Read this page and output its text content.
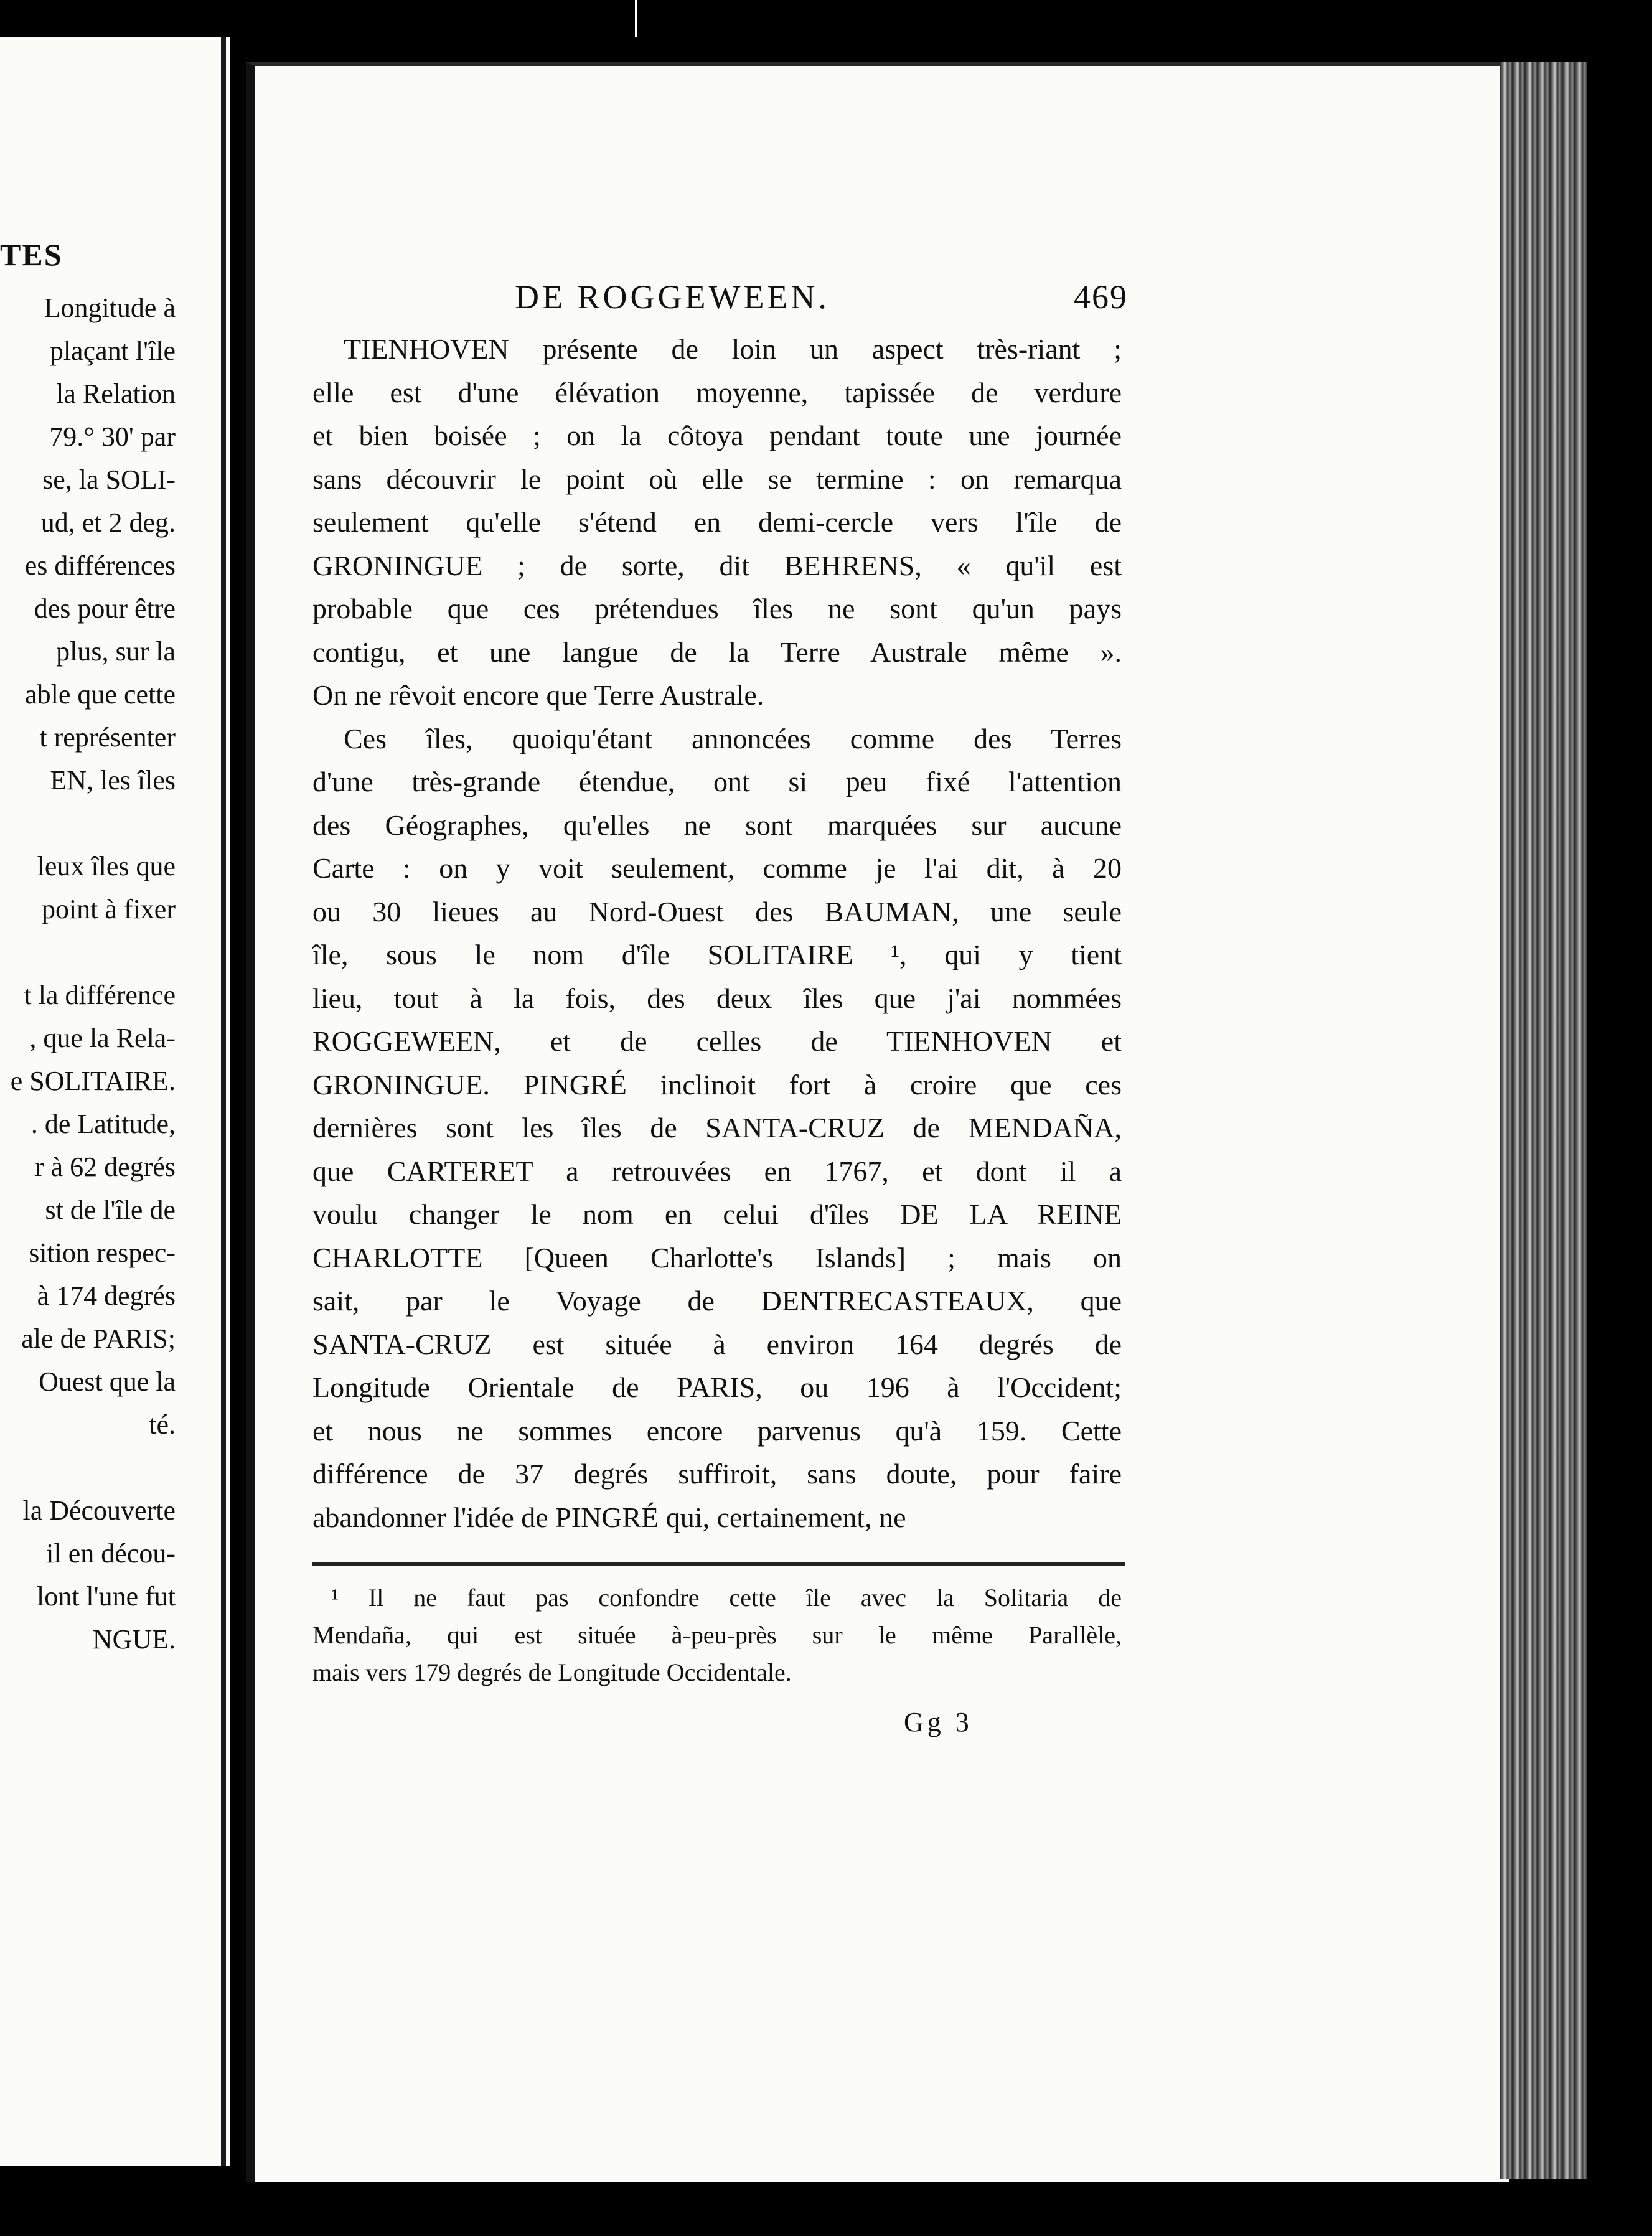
TES
Longitude à
plaçant l'île
la Relation
79.° 30' par
se, la SOLI-
ud, et 2 deg.
es différences
des pour être
plus, sur la
able que cette
t représenter
EN, les îles
leux îles que
point à fixer
t la différence
, que la Rela-
e SOLITAIRE.
. de Latitude,
r à 62 degrés
st de l'île de
sition respec-
à 174 degrés
ale de PARIS;
Ouest que la
té.
la Découverte
il en décou-
lont l'une fut
NGUE.
DE ROGGEWEEN.	469
TIENHOVEN présente de loin un aspect très-riant ;
elle est d'une élévation moyenne, tapissée de verdure
et bien boisée ; on la côtoya pendant toute une journée
sans découvrir le point où elle se termine : on remarqua
seulement qu'elle s'étend en demi-cercle vers l'île de
GRONINGUE ; de sorte, dit BEHRENS, « qu'il est
probable que ces prétendues îles ne sont qu'un pays
contigu, et une langue de la Terre Australe même ».
On ne rêvoit encore que Terre Australe.
Ces îles, quoiqu'étant annoncées comme des Terres
d'une très-grande étendue, ont si peu fixé l'attention
des Géographes, qu'elles ne sont marquées sur aucune
Carte : on y voit seulement, comme je l'ai dit, à 20
ou 30 lieues au Nord-Ouest des BAUMAN, une seule
île, sous le nom d'île SOLITAIRE ¹, qui y tient
lieu, tout à la fois, des deux îles que j'ai nommées
ROGGEWEEN, et de celles de TIENHOVEN et
GRONINGUE. PINGRÉ inclinoit fort à croire que ces
dernières sont les îles de SANTA-CRUZ de MENDAÑA,
que CARTERET a retrouvées en 1767, et dont il a
voulu changer le nom en celui d'îles DE LA REINE
CHARLOTTE [Queen Charlotte's Islands] ; mais on
sait, par le Voyage de DENTRECASTEAUX, que
SANTA-CRUZ est située à environ 164 degrés de
Longitude Orientale de PARIS, ou 196 à l'Occident;
et nous ne sommes encore parvenus qu'à 159. Cette
différence de 37 degrés suffiroit, sans doute, pour faire
abandonner l'idée de PINGRÉ qui, certainement, ne
¹ Il ne faut pas confondre cette île avec la Solitaria de
Mendaña, qui est située à-peu-près sur le même Parallèle,
mais vers 179 degrés de Longitude Occidentale.
Gg 3
